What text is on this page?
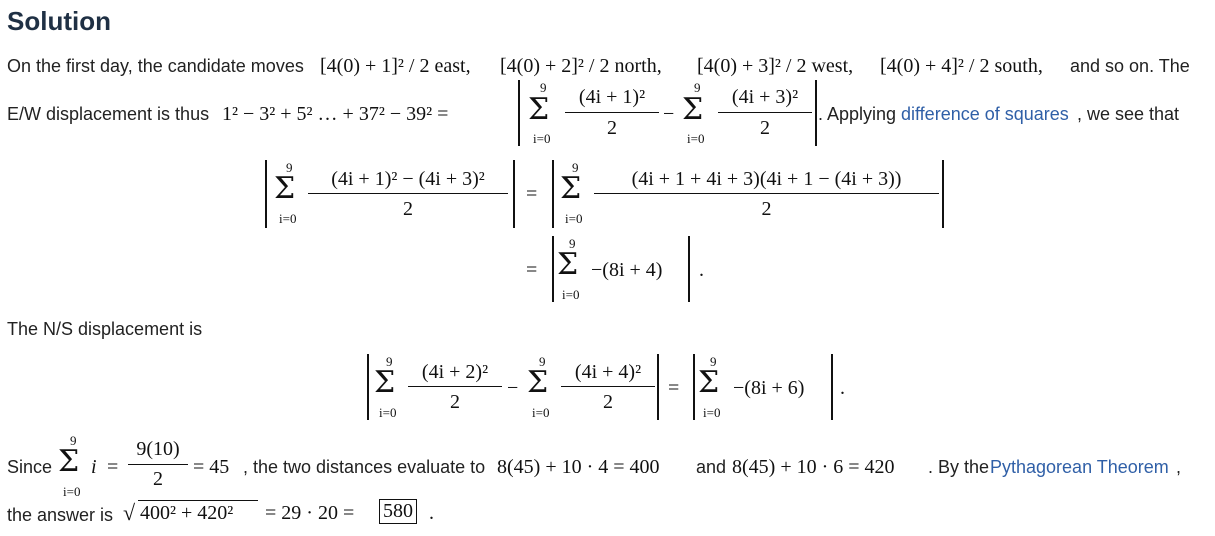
Solution
On the first day, the candidate moves [4(0) + 1]² / 2 east, [4(0) + 2]² / 2 north, [4(0) + 3]² / 2 west, [4(0) + 4]² / 2 south, and so on. The
E/W displacement is thus 1² − 3² + 5² … + 37² − 39² =
9
Σ
i=0
(4i + 1)²
2
−
9
Σ
i=0
(4i + 3)²
2
. Applying difference of squares , we see that
9
Σ
i=0
(4i + 1)² − (4i + 3)²
2
=
9
Σ
i=0
(4i + 1 + 4i + 3)(4i + 1 − (4i + 3))
2
=
9
Σ
i=0
−(8i + 4) .
The N/S displacement is
9
Σ
i=0
(4i + 2)²
2
−
9
Σ
i=0
(4i + 4)²
2
=
9
Σ
i=0
−(8i + 6) .
Since
9
Σ
i=0
i =
9(10)
2
= 45 , the two distances evaluate to 8(45) + 10 · 4 = 400 and 8(45) + 10 · 6 = 420 . By the Pythagorean Theorem ,
the answer is √ 400² + 420² = 29 · 20 = 580 .
